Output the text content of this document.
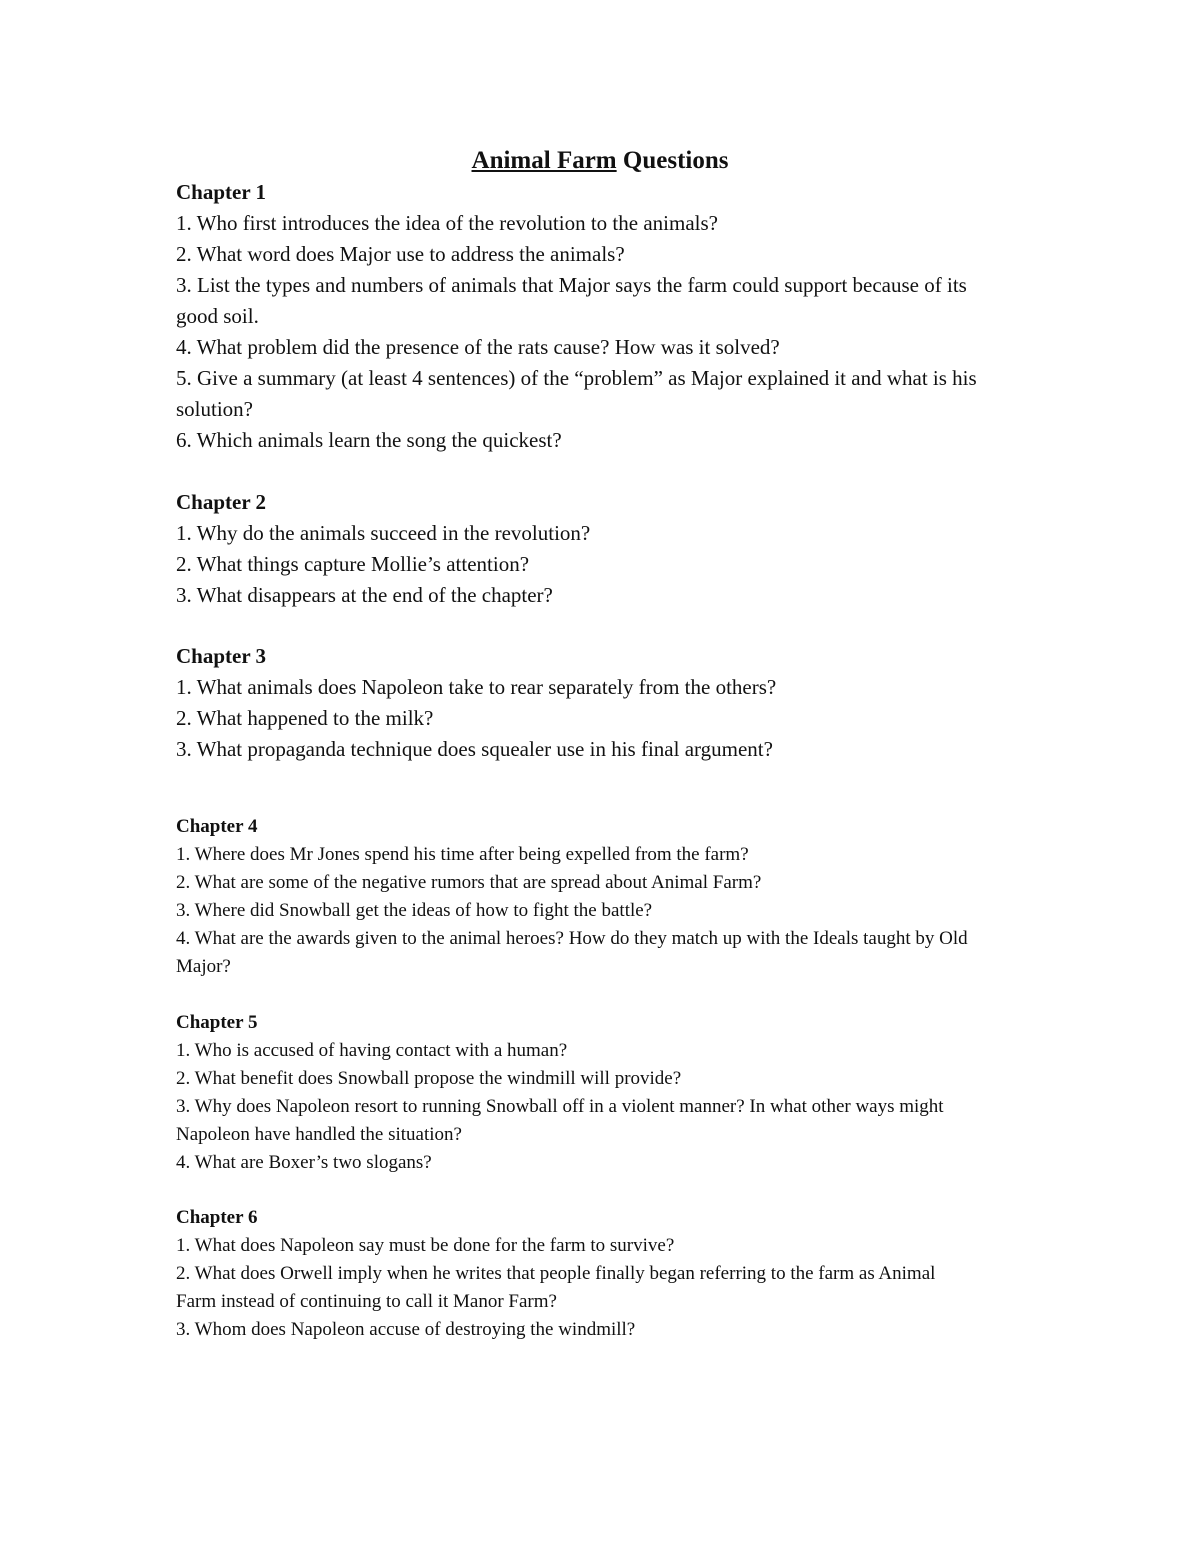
Animal Farm Questions
Chapter 1

1. Who first introduces the idea of the revolution to the animals?

2. What word does Major use to address the animals?

3. List the types and numbers of animals that Major says the farm could support because of its good soil.

4. What problem did the presence of the rats cause? How was it solved?

5. Give a summary (at least 4 sentences) of the “problem” as Major explained it and what is his solution?

6. Which animals learn the song the quickest?

Chapter 2

1. Why do the animals succeed in the revolution?

2. What things capture Mollie’s attention?

3. What disappears at the end of the chapter?

Chapter 3

1. What animals does Napoleon take to rear separately from the others?

2. What happened to the milk?

3. What propaganda technique does squealer use in his final argument?

Chapter 4

1. Where does Mr Jones spend his time after being expelled from the farm?

2. What are some of the negative rumors that are spread about Animal Farm?

3. Where did Snowball get the ideas of how to fight the battle?

4. What are the awards given to the animal heroes? How do they match up with the Ideals taught by Old Major?

Chapter 5

1. Who is accused of having contact with a human?

2. What benefit does Snowball propose the windmill will provide?

3. Why does Napoleon resort to running Snowball off in a violent manner? In what other ways might Napoleon have handled the situation?

4. What are Boxer’s two slogans?

Chapter 6

1. What does Napoleon say must be done for the farm to survive?

2. What does Orwell imply when he writes that people finally began referring to the farm as Animal Farm instead of continuing to call it Manor Farm?

3. Whom does Napoleon accuse of destroying the windmill?
